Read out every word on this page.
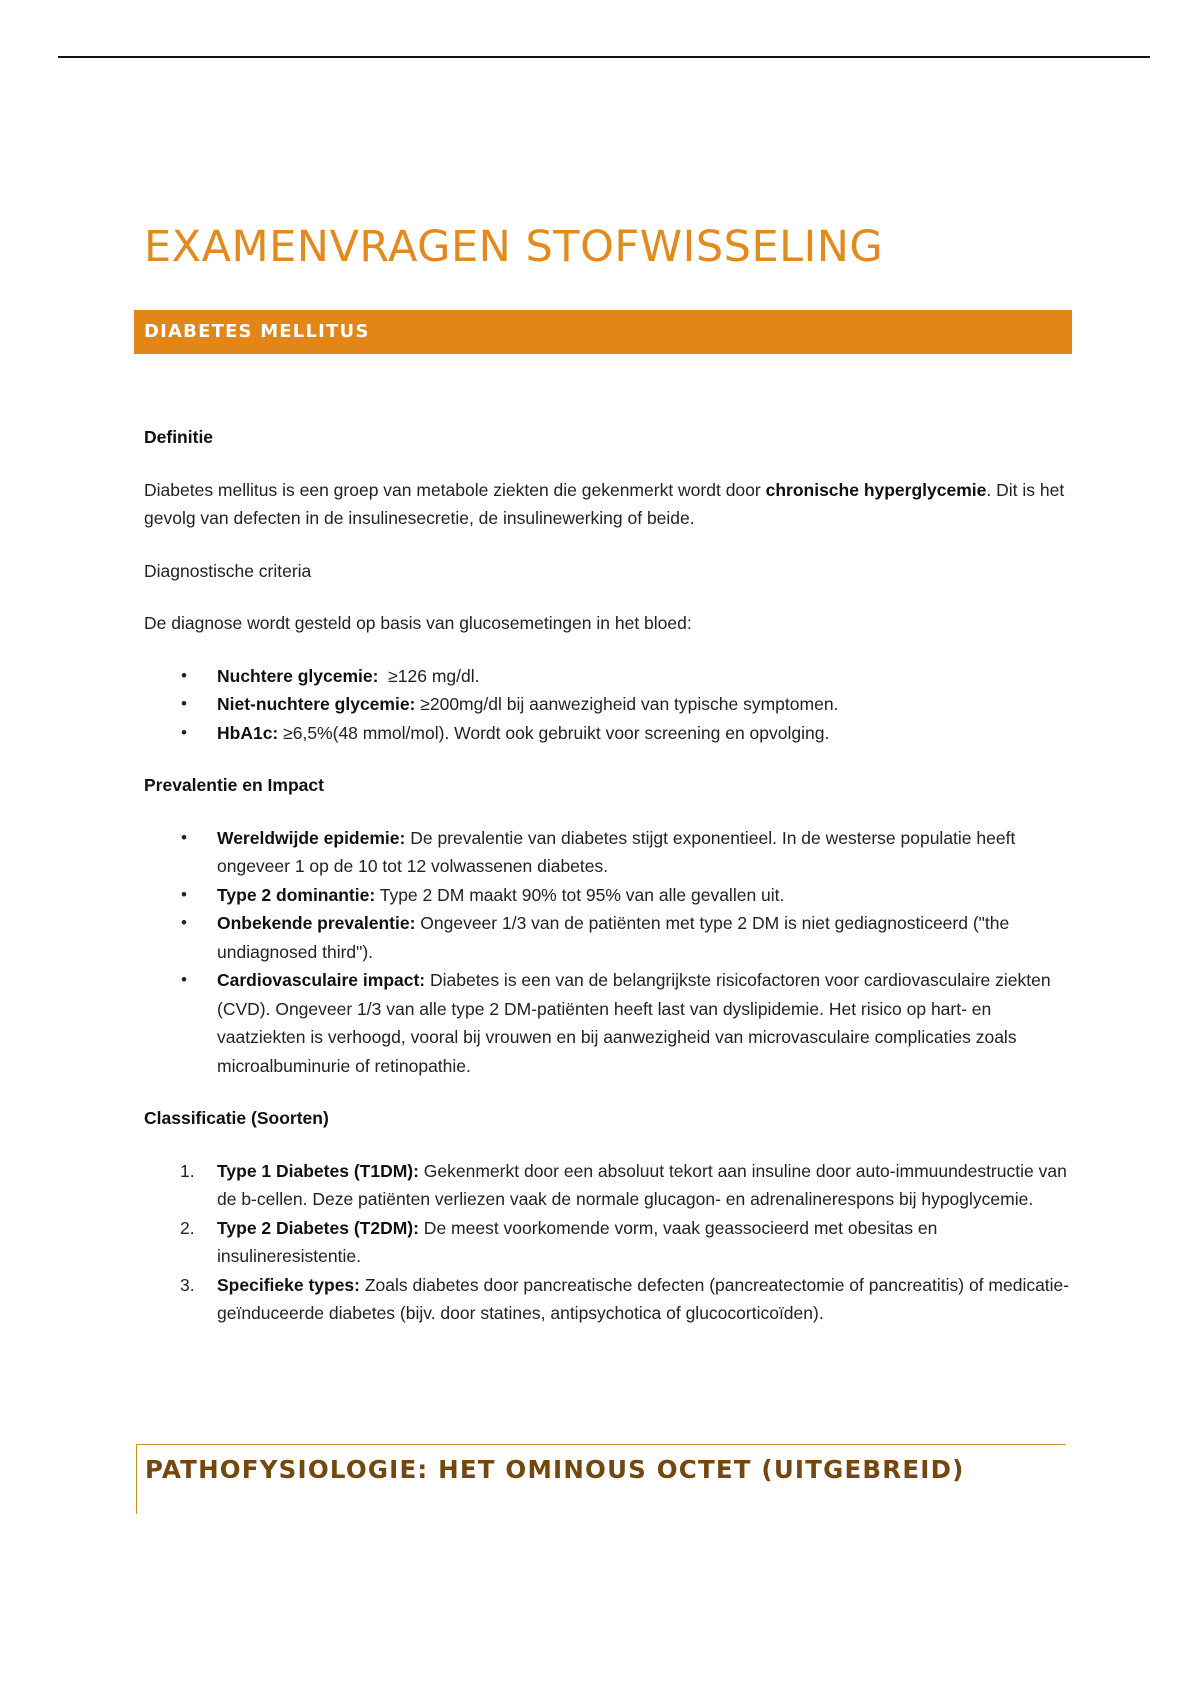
EXAMENVRAGEN STOFWISSELING
DIABETES MELLITUS

Definitie

Diabetes mellitus is een groep van metabole ziekten die gekenmerkt wordt door chronische hyperglycemie. Dit is het gevolg van defecten in de insulinesecretie, de insulinewerking of beide.

Diagnostische criteria

De diagnose wordt gesteld op basis van glucosemetingen in het bloed:

• Nuchtere glycemie:  ≥126 mg/dl.
• Niet-nuchtere glycemie: ≥200mg/dl bij aanwezigheid van typische symptomen.
• HbA1c: ≥6,5%(48 mmol/mol). Wordt ook gebruikt voor screening en opvolging.

Prevalentie en Impact

• Wereldwijde epidemie: De prevalentie van diabetes stijgt exponentieel. In de westerse populatie heeft ongeveer 1 op de 10 tot 12 volwassenen diabetes.
• Type 2 dominantie: Type 2 DM maakt 90% tot 95% van alle gevallen uit.
• Onbekende prevalentie: Ongeveer 1/3 van de patiënten met type 2 DM is niet gediagnosticeerd ("the undiagnosed third").
• Cardiovasculaire impact: Diabetes is een van de belangrijkste risicofactoren voor cardiovasculaire ziekten (CVD). Ongeveer 1/3 van alle type 2 DM-patiënten heeft last van dyslipidemie. Het risico op hart- en vaatziekten is verhoogd, vooral bij vrouwen en bij aanwezigheid van microvasculaire complicaties zoals microalbuminurie of retinopathie.

Classificatie (Soorten)

1. Type 1 Diabetes (T1DM): Gekenmerkt door een absoluut tekort aan insuline door auto-immuundestructie van de b-cellen. Deze patiënten verliezen vaak de normale glucagon- en adrenalinerespons bij hypoglycemie.
2. Type 2 Diabetes (T2DM): De meest voorkomende vorm, vaak geassocieerd met obesitas en insulineresistentie.
3. Specifieke types: Zoals diabetes door pancreatische defecten (pancreatectomie of pancreatitis) of medicatie-geïnduceerde diabetes (bijv. door statines, antipsychotica of glucocorticoïden).
PATHOFYSIOLOGIE: HET OMINOUS OCTET (UITGEBREID)
